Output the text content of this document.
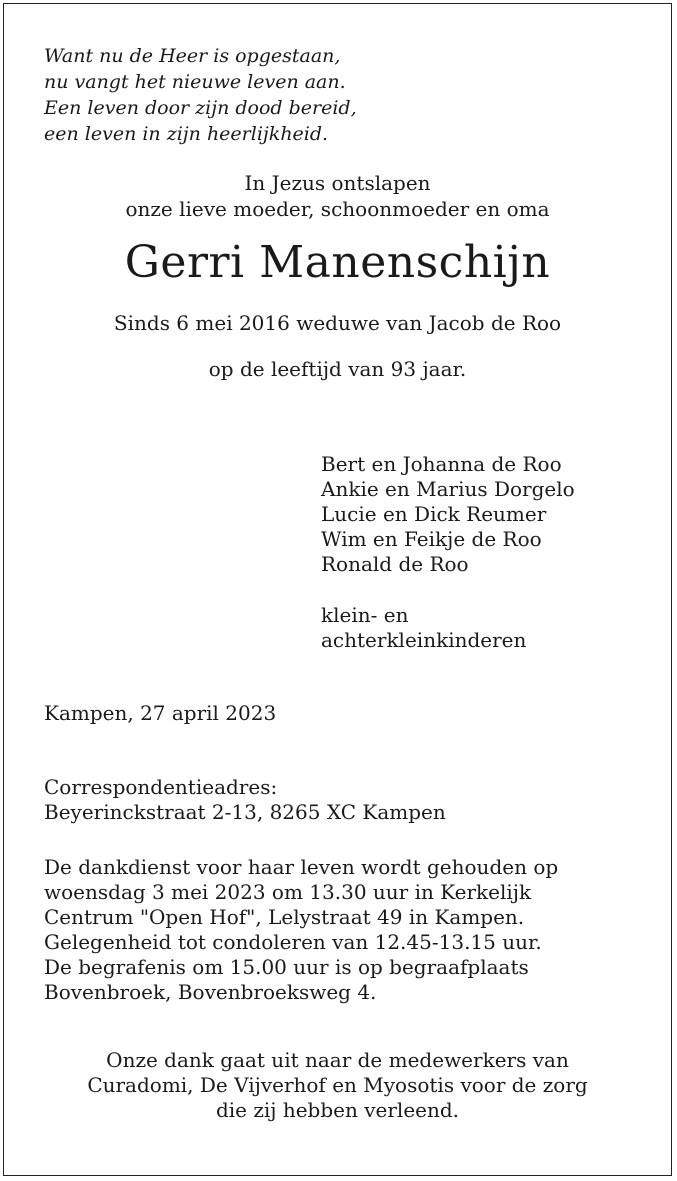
Want nu de Heer is opgestaan,
nu vangt het nieuwe leven aan.
Een leven door zijn dood bereid,
een leven in zijn heerlijkheid.
In Jezus ontslapen
onze lieve moeder, schoonmoeder en oma
Gerri Manenschijn
Sinds 6 mei 2016 weduwe van Jacob de Roo
op de leeftijd van 93 jaar.
Bert en Johanna de Roo
Ankie en Marius Dorgelo
Lucie en Dick Reumer
Wim en Feikje de Roo
Ronald de Roo
klein- en
achterkleinkinderen
Kampen, 27 april 2023
Correspondentieadres:
Beyerinckstraat 2-13, 8265 XC Kampen
De dankdienst voor haar leven wordt gehouden op
woensdag 3 mei 2023 om 13.30 uur in Kerkelijk
Centrum "Open Hof", Lelystraat 49 in Kampen.
Gelegenheid tot condoleren van 12.45-13.15 uur.
De begrafenis om 15.00 uur is op begraafplaats
Bovenbroek, Bovenbroeksweg 4.
Onze dank gaat uit naar de medewerkers van
Curadomi, De Vijverhof en Myosotis voor de zorg
die zij hebben verleend.
